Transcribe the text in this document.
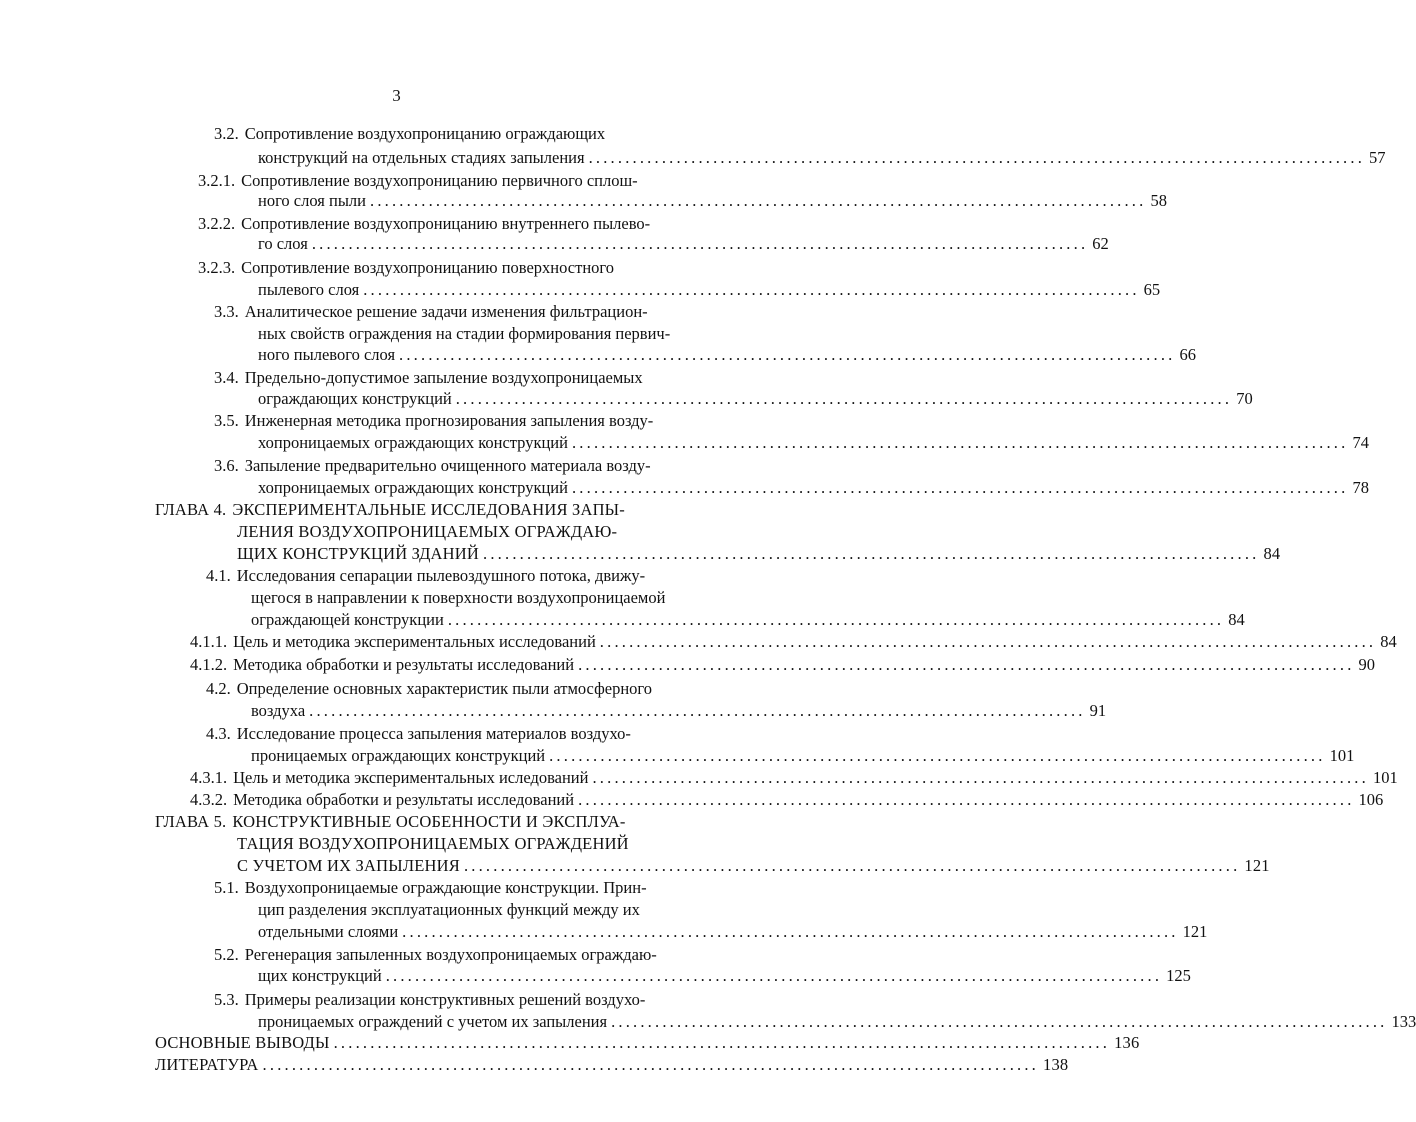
3
3.2. Сопротивление воздухопроницанию ограждающих
конструкций на отдельных стадиях запыления .......................................................................................................... 57
3.2.1. Сопротивление воздухопроницанию первичного сплош-
ного слоя пыли .......................................................................................................... 58
3.2.2. Сопротивление воздухопроницанию внутреннего пылево-
го слоя .......................................................................................................... 62
3.2.3. Сопротивление воздухопроницанию поверхностного
пылевого слоя .......................................................................................................... 65
3.3. Аналитическое решение задачи изменения фильтрацион-
ных свойств ограждения на стадии формирования первич-
ного пылевого слоя .......................................................................................................... 66
3.4. Предельно-допустимое запыление воздухопроницаемых
ограждающих конструкций .......................................................................................................... 70
3.5. Инженерная методика прогнозирования запыления возду-
хопроницаемых ограждающих конструкций .......................................................................................................... 74
3.6. Запыление предварительно очищенного материала возду-
хопроницаемых ограждающих конструкций .......................................................................................................... 78
ГЛАВА 4. ЭКСПЕРИМЕНТАЛЬНЫЕ ИССЛЕДОВАНИЯ ЗАПЫ-
ЛЕНИЯ ВОЗДУХОПРОНИЦАЕМЫХ ОГРАЖДАЮ-
ЩИХ КОНСТРУКЦИЙ ЗДАНИЙ .......................................................................................................... 84
4.1. Исследования сепарации пылевоздушного потока, движу-
щегося в направлении к поверхности воздухопроницаемой
ограждающей конструкции .......................................................................................................... 84
4.1.1. Цель и методика экспериментальных исследований .......................................................................................................... 84
4.1.2. Методика обработки и результаты исследований .......................................................................................................... 90
4.2. Определение основных характеристик пыли атмосферного
воздуха .......................................................................................................... 91
4.3. Исследование процесса запыления материалов воздухо-
проницаемых ограждающих конструкций .......................................................................................................... 101
4.3.1. Цель и методика экспериментальных иследований .......................................................................................................... 101
4.3.2. Методика обработки и результаты исследований .......................................................................................................... 106
ГЛАВА 5. КОНСТРУКТИВНЫЕ ОСОБЕННОСТИ И ЭКСПЛУА-
ТАЦИЯ ВОЗДУХОПРОНИЦАЕМЫХ ОГРАЖДЕНИЙ
С УЧЕТОМ ИХ ЗАПЫЛЕНИЯ .......................................................................................................... 121
5.1. Воздухопроницаемые ограждающие конструкции. Прин-
цип разделения эксплуатационных функций между их
отдельными слоями .......................................................................................................... 121
5.2. Регенерация запыленных воздухопроницаемых ограждаю-
щих конструкций .......................................................................................................... 125
5.3. Примеры реализации конструктивных решений воздухо-
проницаемых ограждений с учетом их запыления .......................................................................................................... 133
ОСНОВНЫЕ ВЫВОДЫ .......................................................................................................... 136
ЛИТЕРАТУРА .......................................................................................................... 138
